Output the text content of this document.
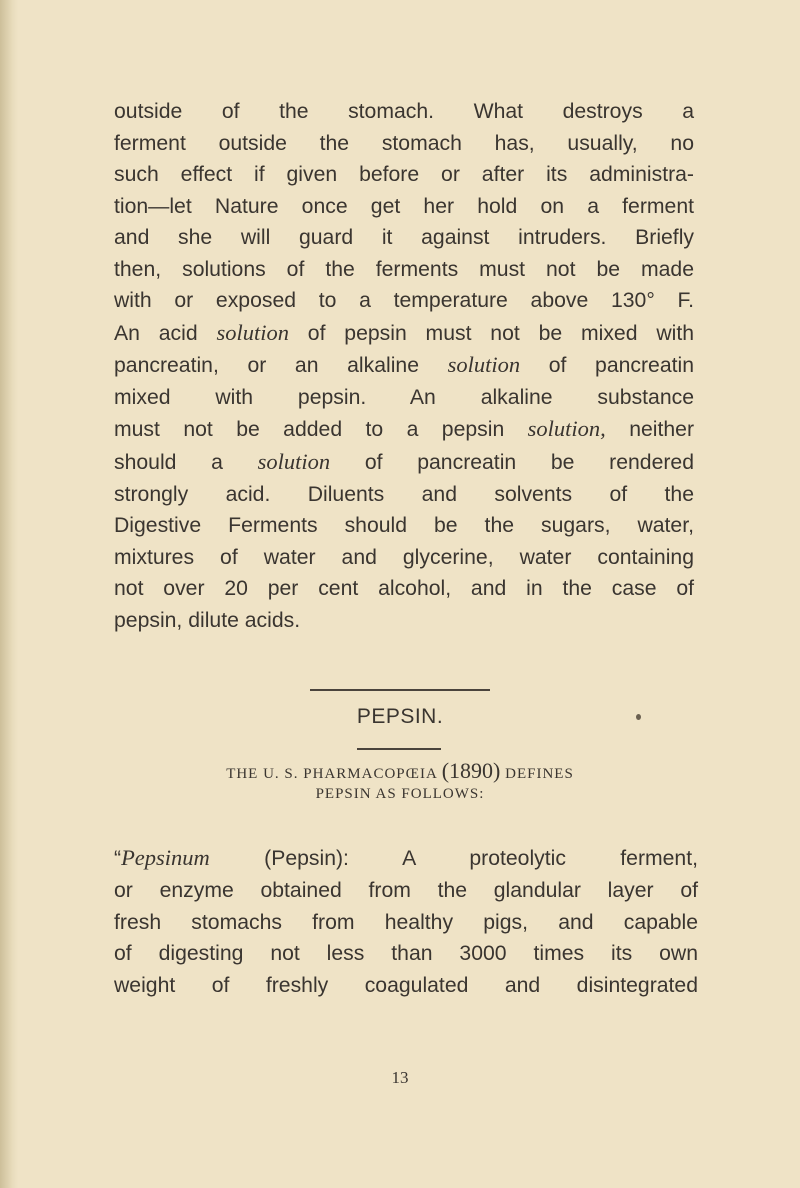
outside of the stomach. What destroys a
ferment outside the stomach has, usually, no
such effect if given before or after its administra-
tion—let Nature once get her hold on a ferment
and she will guard it against intruders. Briefly
then, solutions of the ferments must not be made
with or exposed to a temperature above 130° F.
An acid solution of pepsin must not be mixed with
pancreatin, or an alkaline solution of pancreatin
mixed with pepsin. An alkaline substance
must not be added to a pepsin solution, neither
should a solution of pancreatin be rendered
strongly acid. Diluents and solvents of the
Digestive Ferments should be the sugars, water,
mixtures of water and glycerine, water containing
not over 20 per cent alcohol, and in the case of
pepsin, dilute acids.
PEPSIN.
THE U. S. PHARMACOPŒIA (1890) DEFINES
PEPSIN AS FOLLOWS:
“Pepsinum (Pepsin): A proteolytic ferment,
or enzyme obtained from the glandular layer of
fresh stomachs from healthy pigs, and capable
of digesting not less than 3000 times its own
weight of freshly coagulated and disintegrated
13
